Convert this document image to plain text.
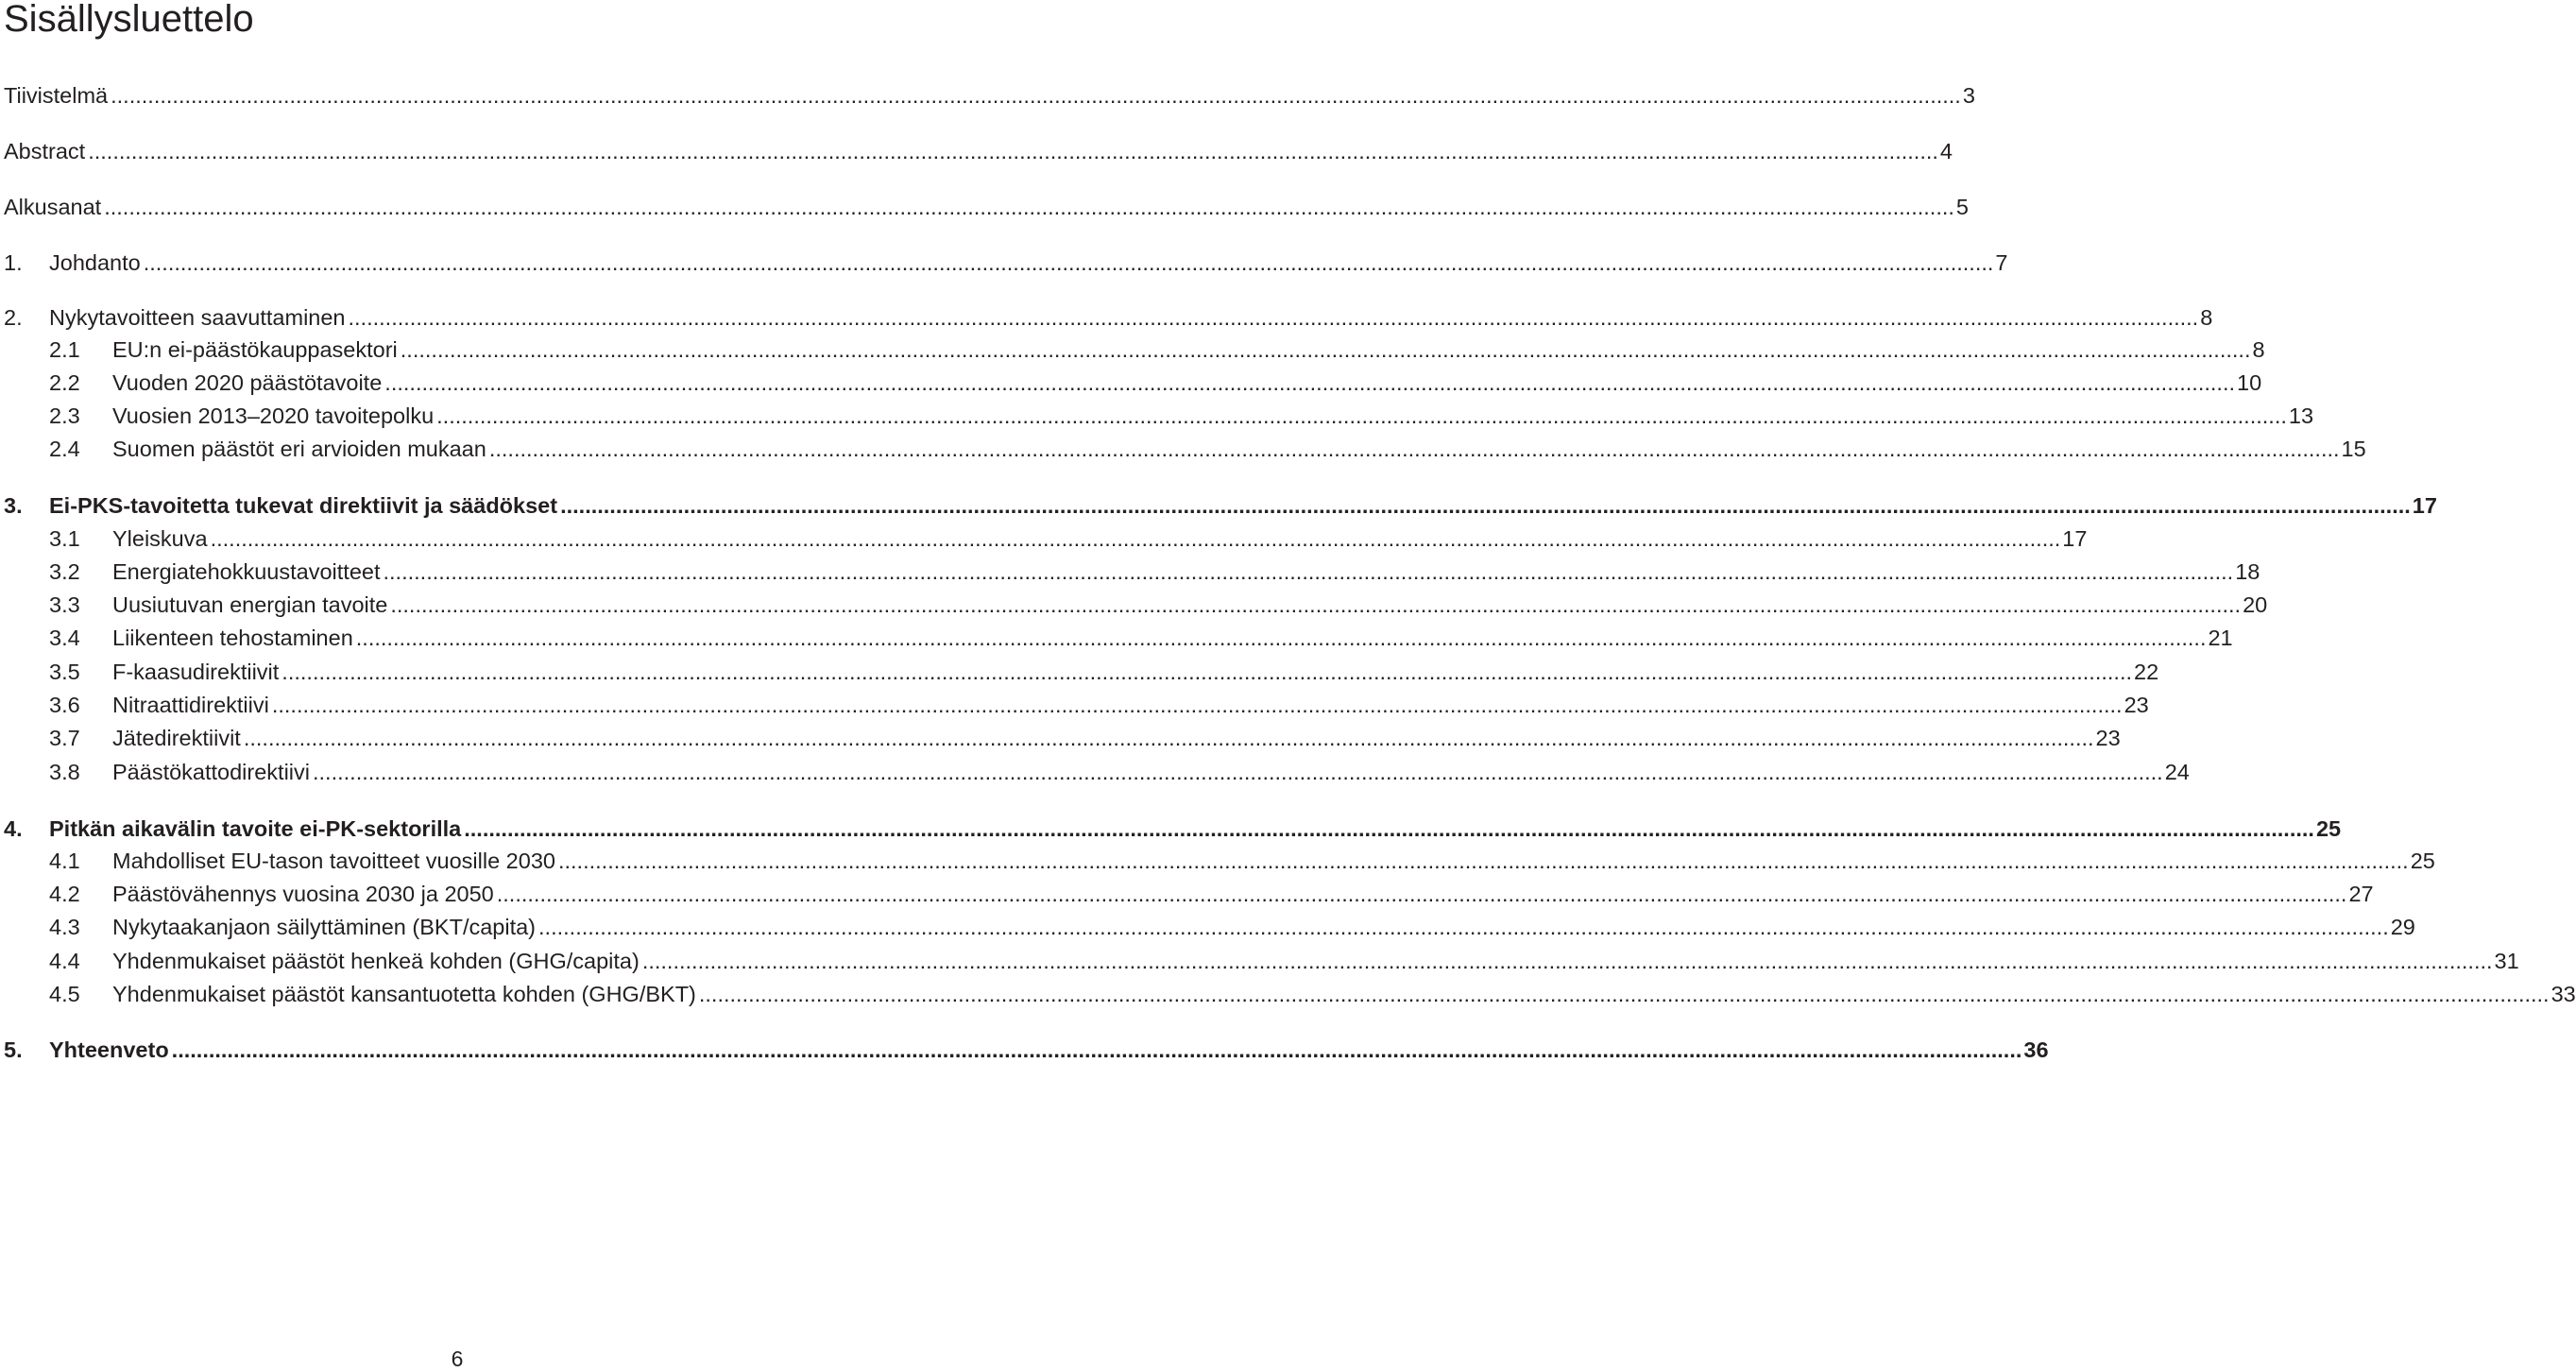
Sisällysluettelo
Tiivistelmä ............................................................................................................................................................................................................................................................................................................ 3
Abstract ............................................................................................................................................................................................................................................................................................................ 4
Alkusanat ............................................................................................................................................................................................................................................................................................................ 5
1.	Johdanto ............................................................................................................................................................................................................................................................................................................ 7
2.	Nykytavoitteen saavuttaminen ............................................................................................................................................................................................................................................................................................................ 8
2.1	EU:n ei-päästökauppasektori ............................................................................................................................................................................................................................................................................................................ 8
2.2	Vuoden 2020 päästötavoite ............................................................................................................................................................................................................................................................................................................ 10
2.3	Vuosien 2013–2020 tavoitepolku ............................................................................................................................................................................................................................................................................................................ 13
2.4	Suomen päästöt eri arvioiden mukaan ............................................................................................................................................................................................................................................................................................................ 15
3.	Ei-PKS-tavoitetta tukevat direktiivit ja säädökset ............................................................................................................................................................................................................................................................................................................ 17
3.1	Yleiskuva ............................................................................................................................................................................................................................................................................................................ 17
3.2	Energiatehokkuustavoitteet ............................................................................................................................................................................................................................................................................................................ 18
3.3	Uusiutuvan energian tavoite ............................................................................................................................................................................................................................................................................................................ 20
3.4	Liikenteen tehostaminen ............................................................................................................................................................................................................................................................................................................ 21
3.5	F-kaasudirektiivit ............................................................................................................................................................................................................................................................................................................ 22
3.6	Nitraattidirektiivi ............................................................................................................................................................................................................................................................................................................ 23
3.7	Jätedirektiivit ............................................................................................................................................................................................................................................................................................................ 23
3.8	Päästökattodirektiivi ............................................................................................................................................................................................................................................................................................................ 24
4.	Pitkän aikavälin tavoite ei-PK-sektorilla ............................................................................................................................................................................................................................................................................................................ 25
4.1	Mahdolliset EU-tason tavoitteet vuosille 2030 ............................................................................................................................................................................................................................................................................................................ 25
4.2	Päästövähennys vuosina 2030 ja 2050 ............................................................................................................................................................................................................................................................................................................ 27
4.3	Nykytaakanjaon säilyttäminen (BKT/capita) ............................................................................................................................................................................................................................................................................................................ 29
4.4	Yhdenmukaiset päästöt henkeä kohden (GHG/capita) ............................................................................................................................................................................................................................................................................................................ 31
4.5	Yhdenmukaiset päästöt kansantuotetta kohden (GHG/BKT) ............................................................................................................................................................................................................................................................................................................ 33
5.	Yhteenveto ............................................................................................................................................................................................................................................................................................................ 36
6
